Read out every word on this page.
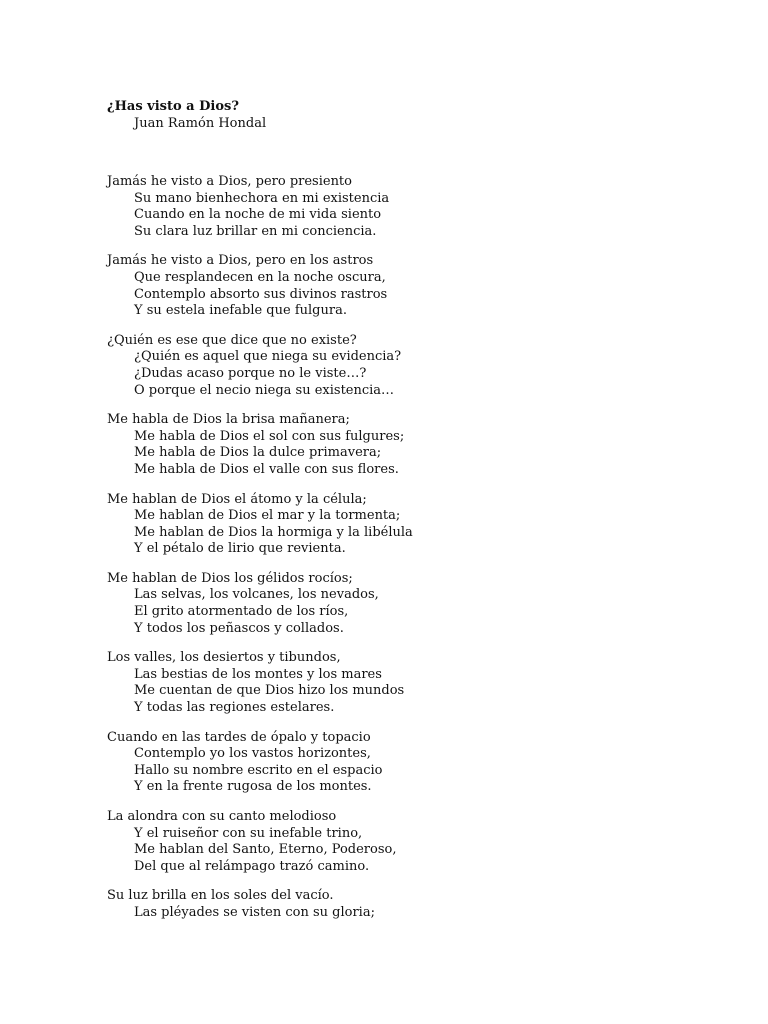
¿Has visto a Dios?

Juan Ramón Hondal

Jamás he visto a Dios, pero presiento
Su mano bienhechora en mi existencia
Cuando en la noche de mi vida siento
Su clara luz brillar en mi conciencia.
Jamás he visto a Dios, pero en los astros
Que resplandecen en la noche oscura,
Contemplo absorto sus divinos rastros
Y su estela inefable que fulgura.
¿Quién es ese que dice que no existe?
¿Quién es aquel que niega su evidencia?
¿Dudas acaso porque no le viste…?
O porque el necio niega su existencia…
Me habla de Dios la brisa mañanera;
Me habla de Dios el sol con sus fulgures;
Me habla de Dios la dulce primavera;
Me habla de Dios el valle con sus flores.
Me hablan de Dios el átomo y la célula;
Me hablan de Dios el mar y la tormenta;
Me hablan de Dios la hormiga y la libélula
Y el pétalo de lirio que revienta.
Me hablan de Dios los gélidos rocíos;
Las selvas, los volcanes, los nevados,
El grito atormentado de los ríos,
Y todos los peñascos y collados.
Los valles, los desiertos y tibundos,
Las bestias de los montes y los mares
Me cuentan de que Dios hizo los mundos
Y todas las regiones estelares.
Cuando en las tardes de ópalo y topacio
Contemplo yo los vastos horizontes,
Hallo su nombre escrito en el espacio
Y en la frente rugosa de los montes.
La alondra con su canto melodioso
Y el ruiseñor con su inefable trino,
Me hablan del Santo, Eterno, Poderoso,
Del que al relámpago trazó camino.
Su luz brilla en los soles del vacío.
Las pléyades se visten con su gloria;
